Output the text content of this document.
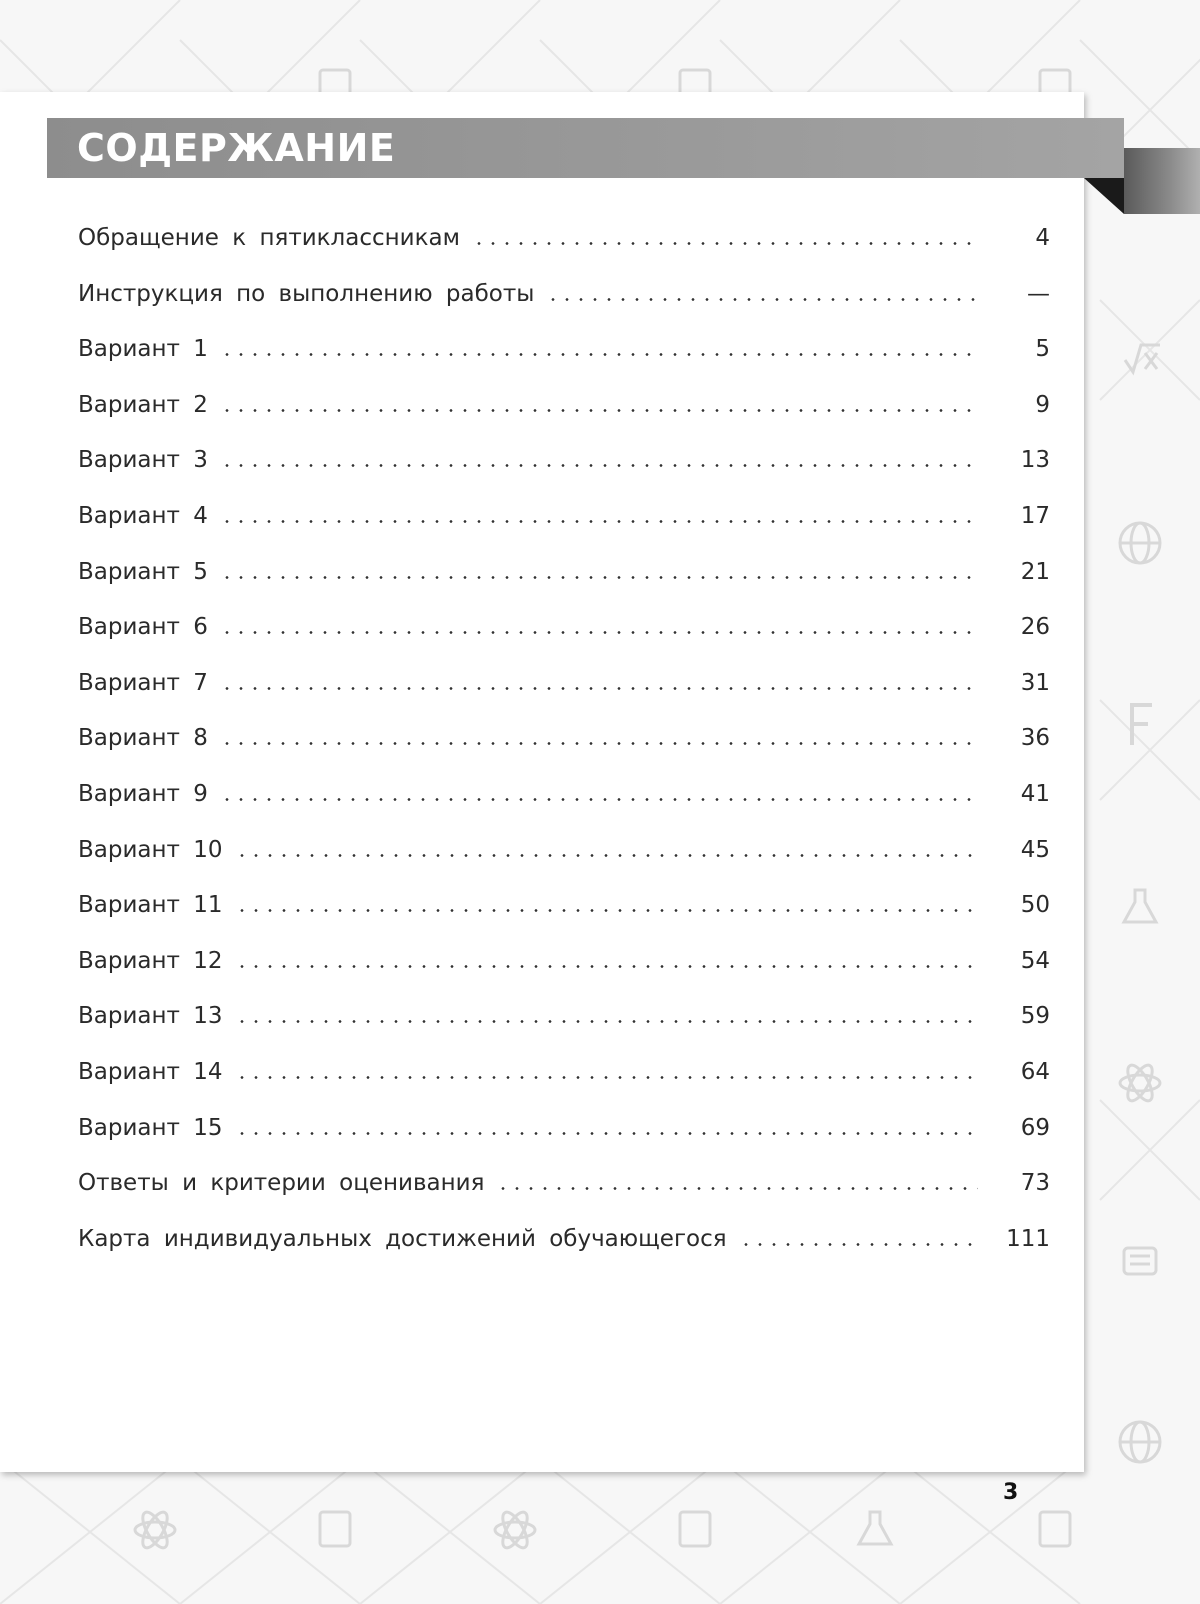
СОДЕРЖАНИЕ
Обращение к пятиклассникам	4
Инструкция по выполнению работы	—
Вариант 1	5
Вариант 2	9
Вариант 3	13
Вариант 4	17
Вариант 5	21
Вариант 6	26
Вариант 7	31
Вариант 8	36
Вариант 9	41
Вариант 10	45
Вариант 11	50
Вариант 12	54
Вариант 13	59
Вариант 14	64
Вариант 15	69
Ответы и критерии оценивания	73
Карта индивидуальных достижений обучающегося	111
3
